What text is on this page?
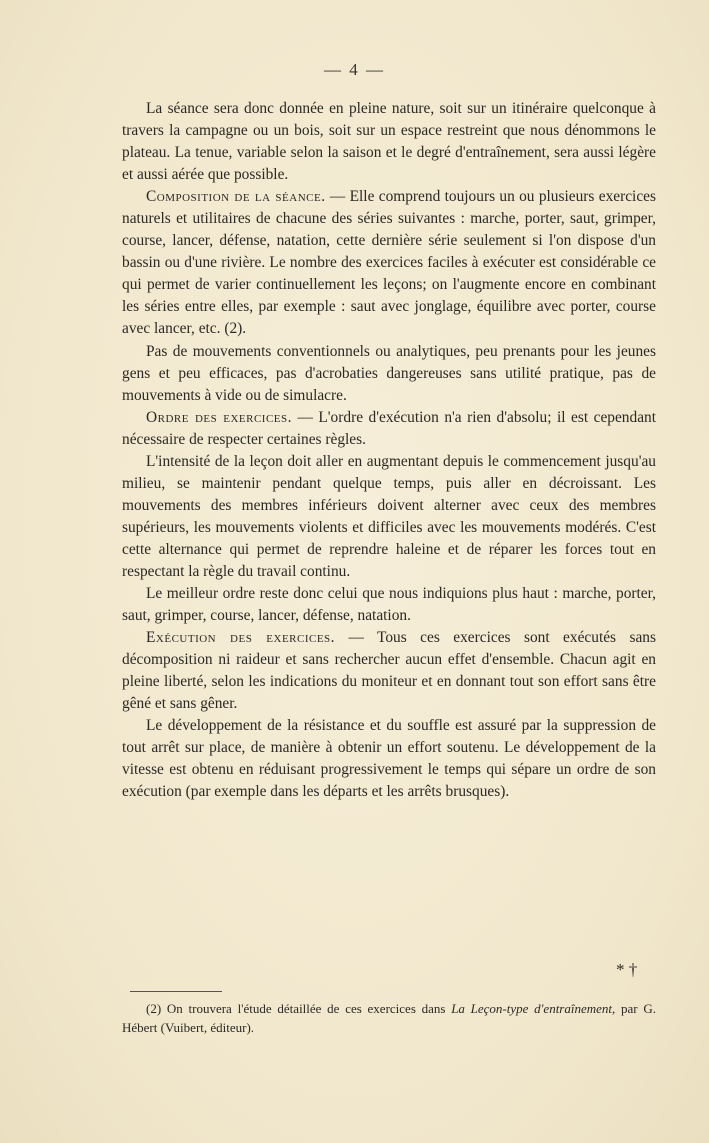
— 4 —

La séance sera donc donnée en pleine nature, soit sur un itinéraire quelconque à travers la campagne ou un bois, soit sur un espace restreint que nous dénommons le plateau. La tenue, variable selon la saison et le degré d'entraînement, sera aussi légère et aussi aérée que possible.

Composition de la séance. — Elle comprend toujours un ou plusieurs exercices naturels et utilitaires de chacune des séries suivantes : marche, porter, saut, grimper, course, lancer, défense, natation, cette dernière série seulement si l'on dispose d'un bassin ou d'une rivière. Le nombre des exercices faciles à exécuter est considérable ce qui permet de varier continuellement les leçons; on l'augmente encore en combinant les séries entre elles, par exemple : saut avec jonglage, équilibre avec porter, course avec lancer, etc. (2).

Pas de mouvements conventionnels ou analytiques, peu prenants pour les jeunes gens et peu efficaces, pas d'acrobaties dangereuses sans utilité pratique, pas de mouvements à vide ou de simulacre.

Ordre des exercices. — L'ordre d'exécution n'a rien d'absolu; il est cependant nécessaire de respecter certaines règles.

L'intensité de la leçon doit aller en augmentant depuis le commencement jusqu'au milieu, se maintenir pendant quelque temps, puis aller en décroissant. Les mouvements des membres inférieurs doivent alterner avec ceux des membres supérieurs, les mouvements violents et difficiles avec les mouvements modérés. C'est cette alternance qui permet de reprendre haleine et de réparer les forces tout en respectant la règle du travail continu.

Le meilleur ordre reste donc celui que nous indiquions plus haut : marche, porter, saut, grimper, course, lancer, défense, natation.

Exécution des exercices. — Tous ces exercices sont exécutés sans décomposition ni raideur et sans rechercher aucun effet d'ensemble. Chacun agit en pleine liberté, selon les indications du moniteur et en donnant tout son effort sans être gêné et sans gêner.

Le développement de la résistance et du souffle est assuré par la suppression de tout arrêt sur place, de manière à obtenir un effort soutenu. Le développement de la vitesse est obtenu en réduisant progressivement le temps qui sépare un ordre de son exécution (par exemple dans les départs et les arrêts brusques).

* †

(2) On trouvera l'étude détaillée de ces exercices dans La Leçon-type d'entraînement, par G. Hébert (Vuibert, éditeur).
